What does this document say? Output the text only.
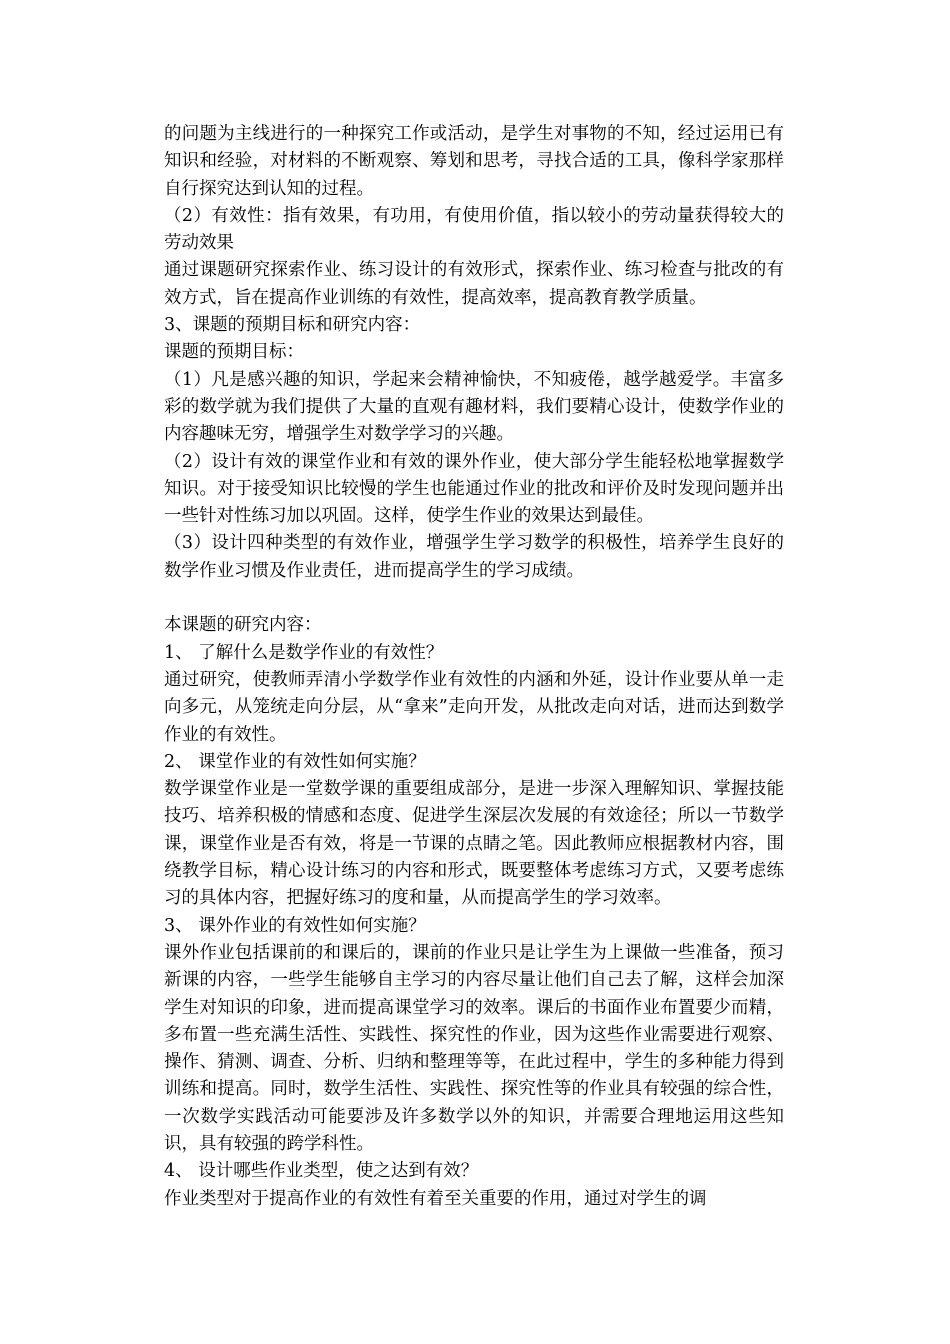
的问题为主线进行的一种探究工作或活动，是学生对事物的不知，经过运用已有知识和经验，对材料的不断观察、筹划和思考，寻找合适的工具，像科学家那样自行探究达到认知的过程。

（2）有效性：指有效果，有功用，有使用价值，指以较小的劳动量获得较大的劳动效果

通过课题研究探索作业、练习设计的有效形式，探索作业、练习检查与批改的有效方式，旨在提高作业训练的有效性，提高效率，提高教育教学质量。

3、课题的预期目标和研究内容：

课题的预期目标：

（1）凡是感兴趣的知识，学起来会精神愉快，不知疲倦，越学越爱学。丰富多彩的数学就为我们提供了大量的直观有趣材料，我们要精心设计，使数学作业的内容趣味无穷，增强学生对数学学习的兴趣。

（2）设计有效的课堂作业和有效的课外作业，使大部分学生能轻松地掌握数学知识。对于接受知识比较慢的学生也能通过作业的批改和评价及时发现问题并出一些针对性练习加以巩固。这样，使学生作业的效果达到最佳。

（3）设计四种类型的有效作业，增强学生学习数学的积极性，培养学生良好的数学作业习惯及作业责任，进而提高学生的学习成绩。

本课题的研究内容：

1、 了解什么是数学作业的有效性？

通过研究，使教师弄清小学数学作业有效性的内涵和外延，设计作业要从单一走向多元，从笼统走向分层，从“拿来”走向开发，从批改走向对话，进而达到数学作业的有效性。

2、 课堂作业的有效性如何实施？

数学课堂作业是一堂数学课的重要组成部分，是进一步深入理解知识、掌握技能技巧、培养积极的情感和态度、促进学生深层次发展的有效途径；所以一节数学课，课堂作业是否有效，将是一节课的点睛之笔。因此教师应根据教材内容，围绕教学目标，精心设计练习的内容和形式，既要整体考虑练习方式，又要考虑练习的具体内容，把握好练习的度和量，从而提高学生的学习效率。

3、 课外作业的有效性如何实施？

课外作业包括课前的和课后的，课前的作业只是让学生为上课做一些准备，预习新课的内容，一些学生能够自主学习的内容尽量让他们自己去了解，这样会加深学生对知识的印象，进而提高课堂学习的效率。课后的书面作业布置要少而精，多布置一些充满生活性、实践性、探究性的作业，因为这些作业需要进行观察、操作、猜测、调查、分析、归纳和整理等等，在此过程中，学生的多种能力得到训练和提高。同时，数学生活性、实践性、探究性等的作业具有较强的综合性，一次数学实践活动可能要涉及许多数学以外的知识，并需要合理地运用这些知识，具有较强的跨学科性。

4、 设计哪些作业类型，使之达到有效？

作业类型对于提高作业的有效性有着至关重要的作用，通过对学生的调
